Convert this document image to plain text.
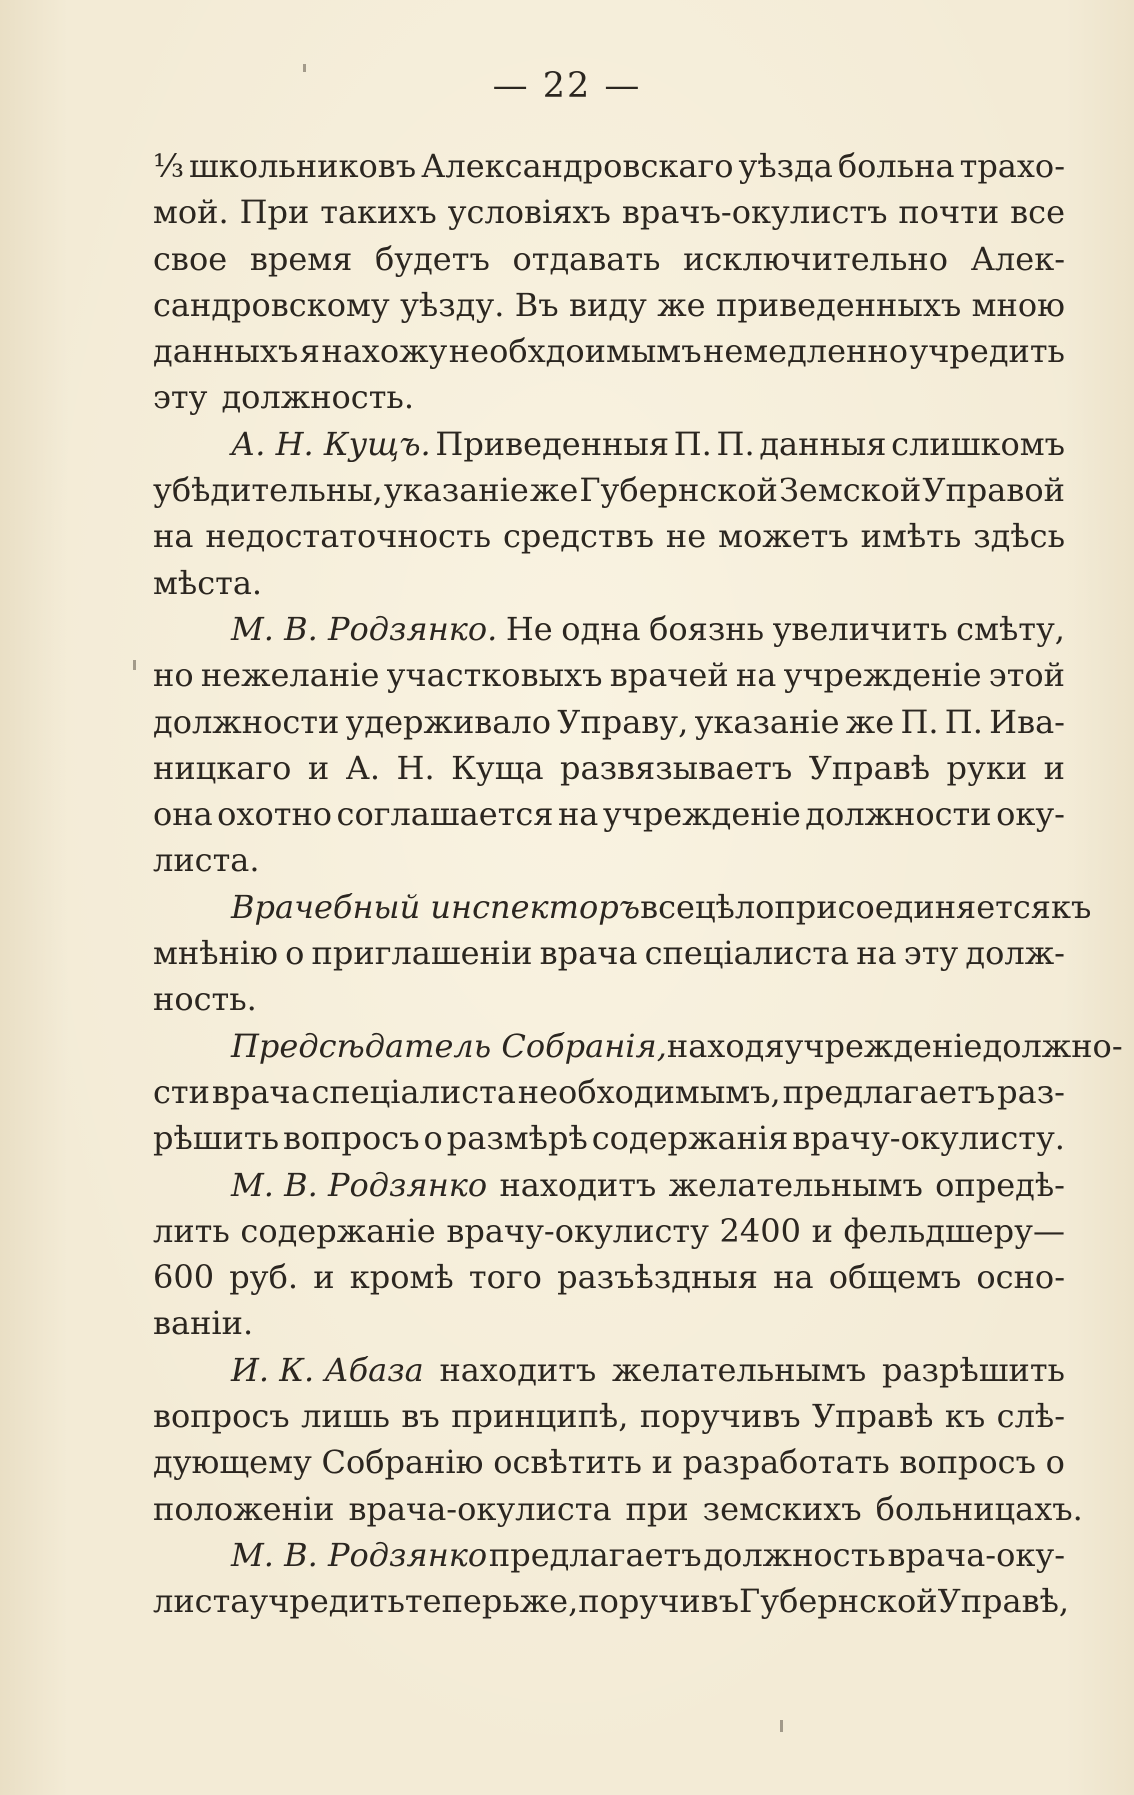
— 22 —
⅓ школьниковъ Александровскаго уѣзда больна трахо-
мой. При такихъ условіяхъ врачъ-окулистъ почти все
свое время будетъ отдавать исключительно Алек-
сандровскому уѣзду. Въ виду же приведенныхъ мною
данныхъ я нахожу необхдоимымъ немедленно учредить
эту должность.
А. Н. Кущъ. Приведенныя П. П. данныя слишкомъ
убѣдительны, указаніе же Губернской Земской Управой
на недостаточность средствъ не можетъ имѣть здѣсь
мѣста.
М. В. Родзянко. Не одна боязнь увеличить смѣту,
но нежеланіе участковыхъ врачей на учрежденіе этой
должности удерживало Управу, указаніе же П. П. Ива-
ницкаго и А. Н. Куща развязываетъ Управѣ руки и
она охотно соглашается на учрежденіе должности оку-
листа.
Врачебный инспекторъ всецѣло присоединяется къ
мнѣнію о приглашеніи врача спеціалиста на эту долж-
ность.
Предсѣдатель Собранія, находя учрежденіе должно-
сти врача спеціалиста необходимымъ, предлагаетъ раз-
рѣшить вопросъ о размѣрѣ содержанія врачу-окулисту.
М. В. Родзянко находитъ желательнымъ опредѣ-
лить содержаніе врачу-окулисту 2400 и фельдшеру—
600 руб. и кромѣ того разъѣздныя на общемъ осно-
ваніи.
И. К. Абаза находитъ желательнымъ разрѣшить
вопросъ лишь въ принципѣ, поручивъ Управѣ къ слѣ-
дующему Собранію освѣтить и разработать вопросъ о
положеніи врача-окулиста при земскихъ больницахъ.
М. В. Родзянко предлагаетъ должность врача-оку-
листа учредить теперь же, поручивъ Губернской Управѣ,
